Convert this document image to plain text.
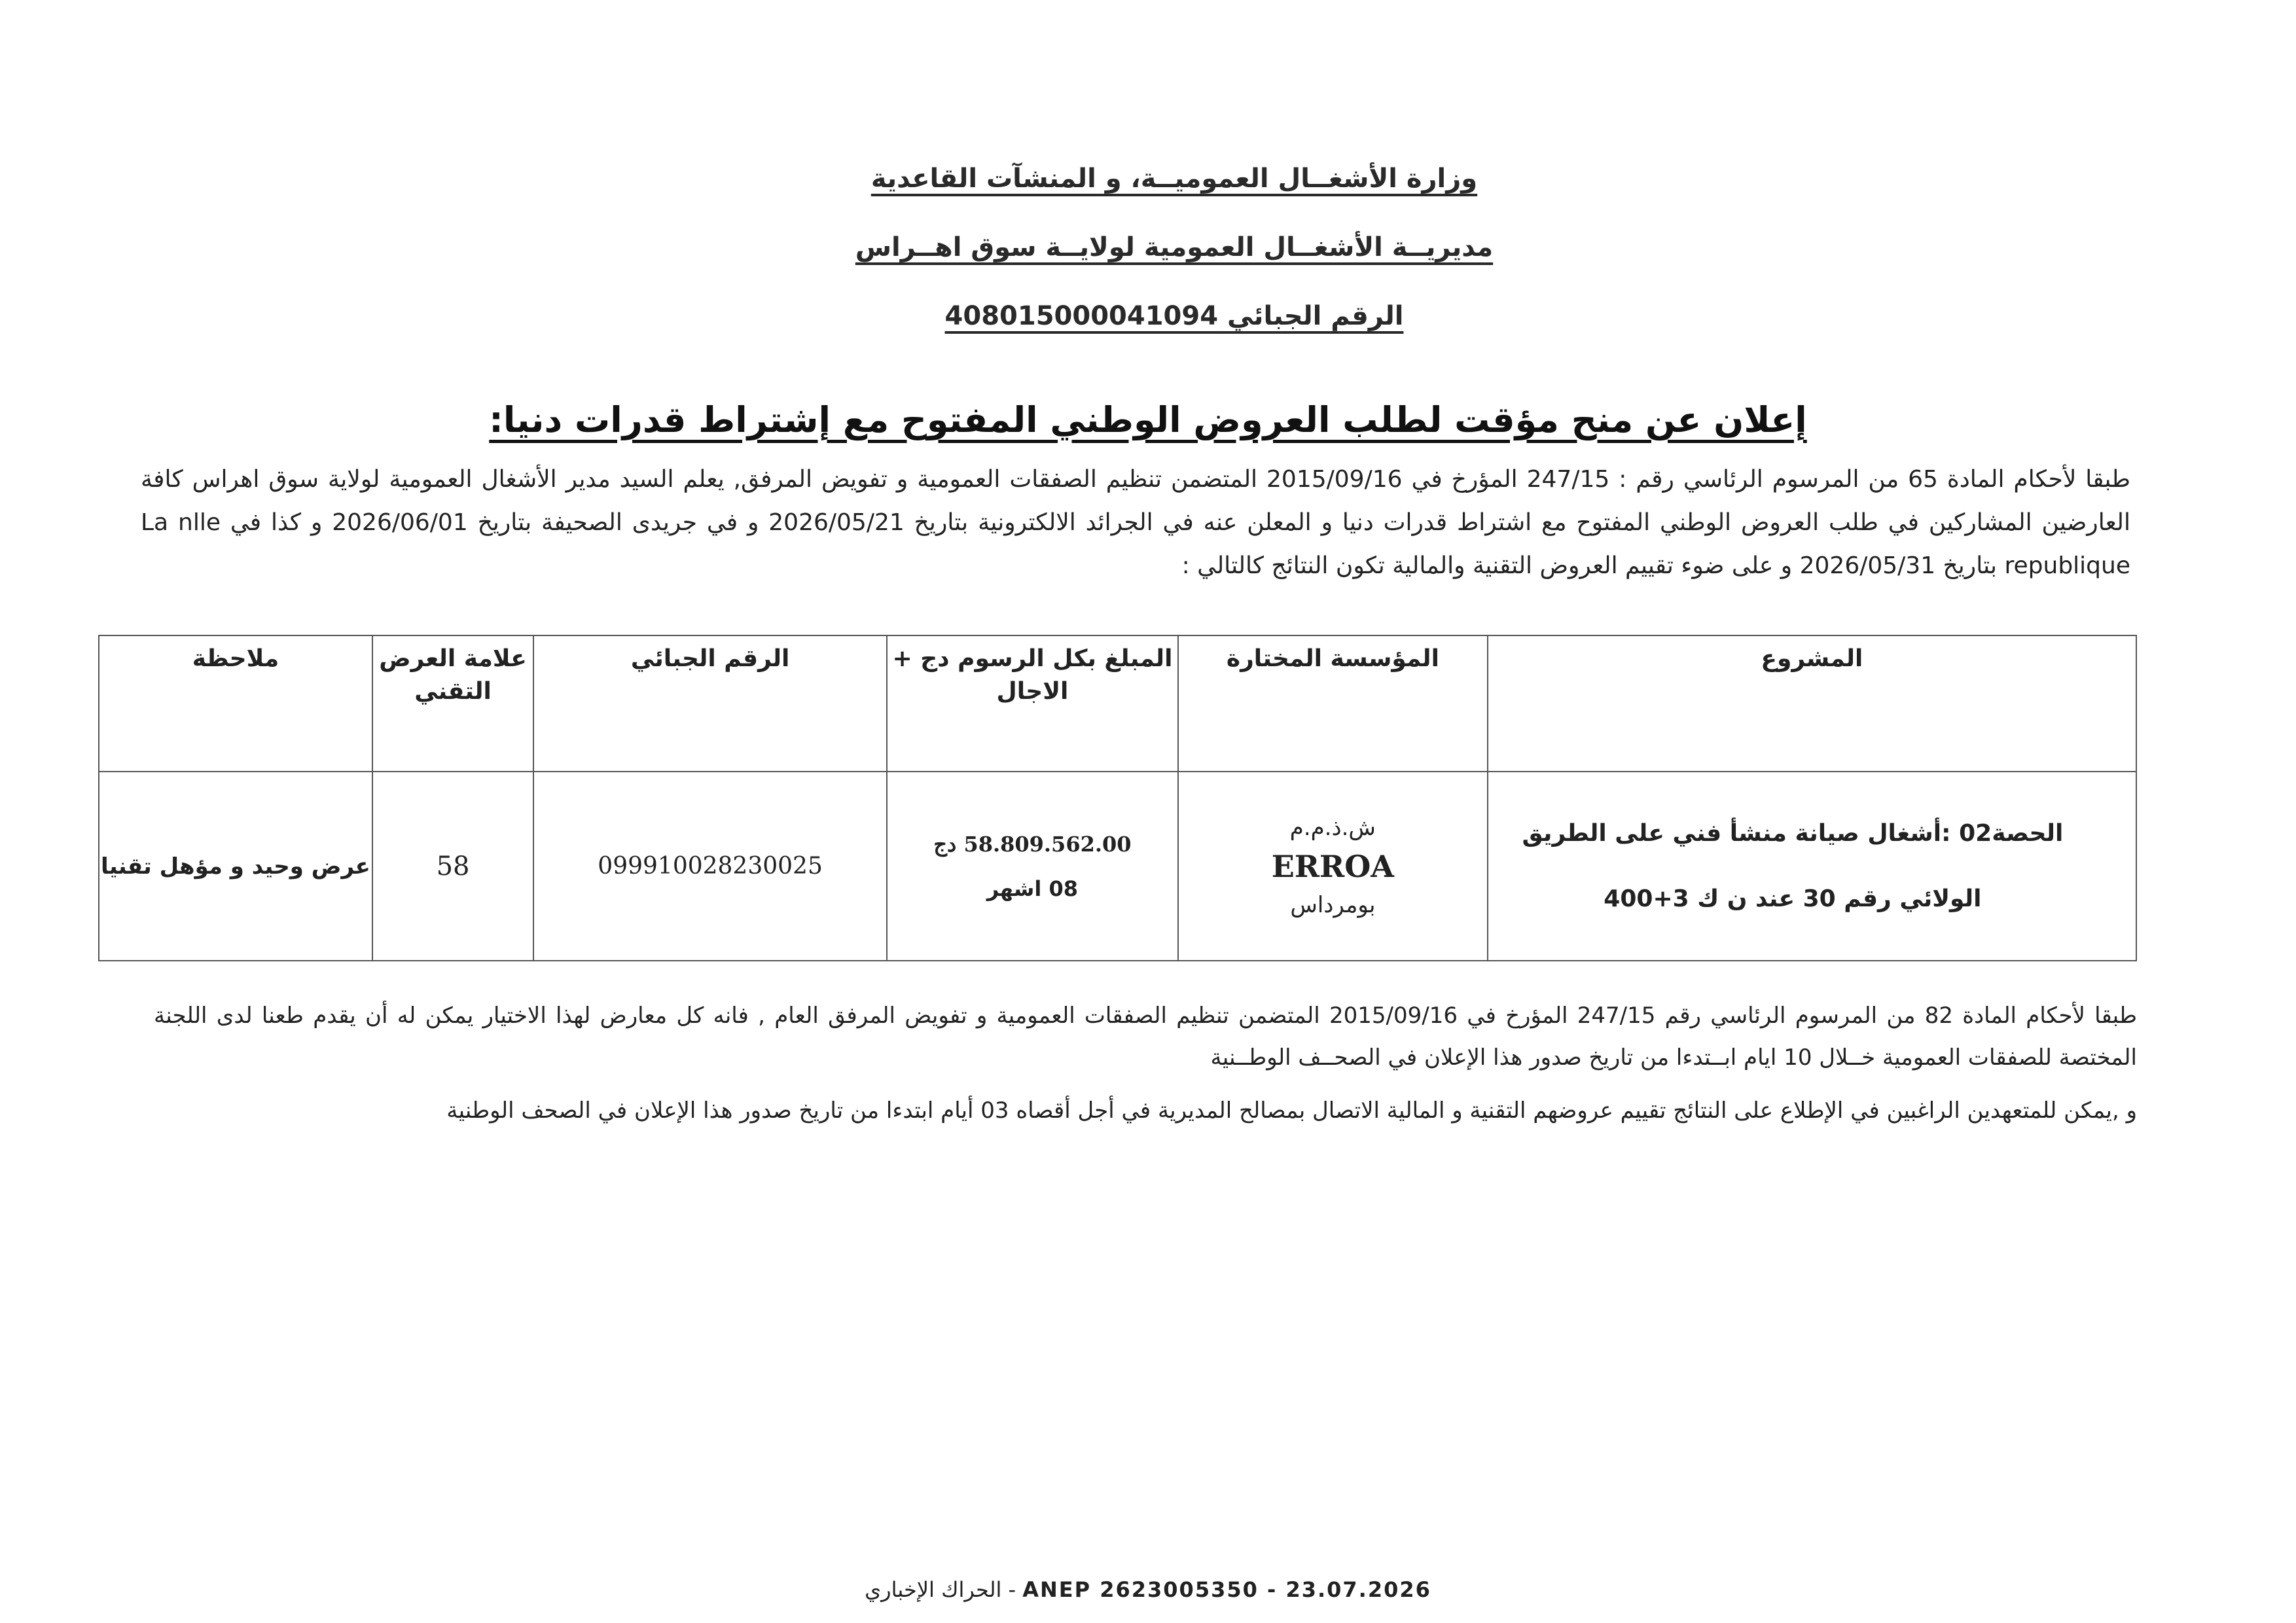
وزارة الأشغــال العموميــة، و المنشآت القاعدية
مديريــة الأشغــال العمومية لولايــة سوق اهــراس
الرقم الجبائي 408015000041094
إعلان عن منح مؤقت لطلب العروض الوطني المفتوح مع إشتراط قدرات دنيا:
طبقا لأحكام المادة 65 من المرسوم الرئاسي رقم : 247/15 المؤرخ في 2015/09/16 المتضمن تنظيم الصفقات العمومية و تفويض المرفق, يعلم السيد مدير الأشغال العمومية لولاية سوق اهراس كافة العارضين المشاركين في طلب العروض الوطني المفتوح مع اشتراط قدرات دنيا و المعلن عنه في الجرائد الالكترونية بتاريخ 2026/05/21 و في جريدى الصحيفة بتاريخ 2026/06/01 و كذا في La nlle republique بتاريخ 2026/05/31 و على ضوء تقييم العروض التقنية والمالية تكون النتائج كالتالي :
المشروع	المؤسسة المختارة	المبلغ بكل الرسوم دج + الاجال	الرقم الجبائي	علامة العرض التقني	ملاحظة
الحصة02 :أشغال صيانة منشأ فني على الطريق الولائي رقم 30 عند ن ك 3+400	ش.ذ.م.م
ERROA
بومرداس	58.809.562.00 دج
08 اشهر	099910028230025	58	عرض وحيد و مؤهل تقنيا
طبقا لأحكام المادة 82 من المرسوم الرئاسي رقم 247/15 المؤرخ في 2015/09/16 المتضمن تنظيم الصفقات العمومية و تفويض المرفق العام , فانه كل معارض لهذا الاختيار يمكن له أن يقدم طعنا لدى اللجنة المختصة للصفقات العمومية خــلال 10 ايام ابــتدءا من تاريخ صدور هذا الإعلان في الصحــف الوطــنية
و ,يمكن للمتعهدين الراغبين في الإطلاع على النتائج تقييم عروضهم التقنية و المالية الاتصال بمصالح المديرية في أجل أقصاه 03 أيام ابتدءا من تاريخ صدور هذا الإعلان في الصحف الوطنية
الحراك الإخباري - ANEP 2623005350 - 23.07.2026
